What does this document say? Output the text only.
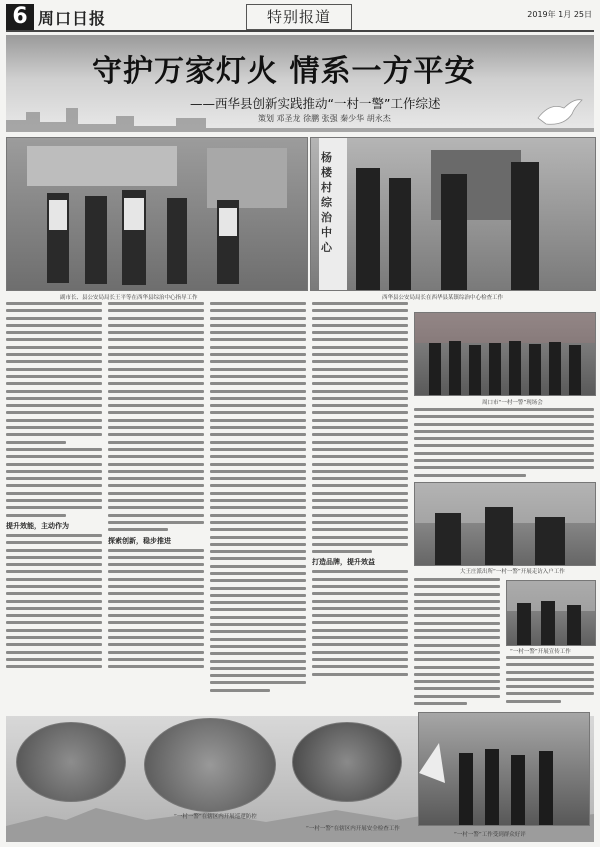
6 周口日报	特别报道	2019年 1月 25日
守护万家灯火 情系一方平安
——西华县创新实践推动“一村一警”工作综述
策划 邓圣龙 徐鹏 张强 秦少华 胡永杰
杨楼村综治中心
副市长、县公安局局长王平等在西华县综治中心指导工作	西华县公安局局长在西华县某镇综治中心检查工作
提升效能，主动作为
探索创新，稳步推进
打造品牌，提升效益
周口市“一村一警”现场会
大王庄派出所“一村一警”开展走访入户工作
“一村一警”开展宣传工作
“一村一警”在辖区内开展巡逻防控
“一村一警”在辖区内开展安全检查工作
“一村一警”工作受到群众好评
